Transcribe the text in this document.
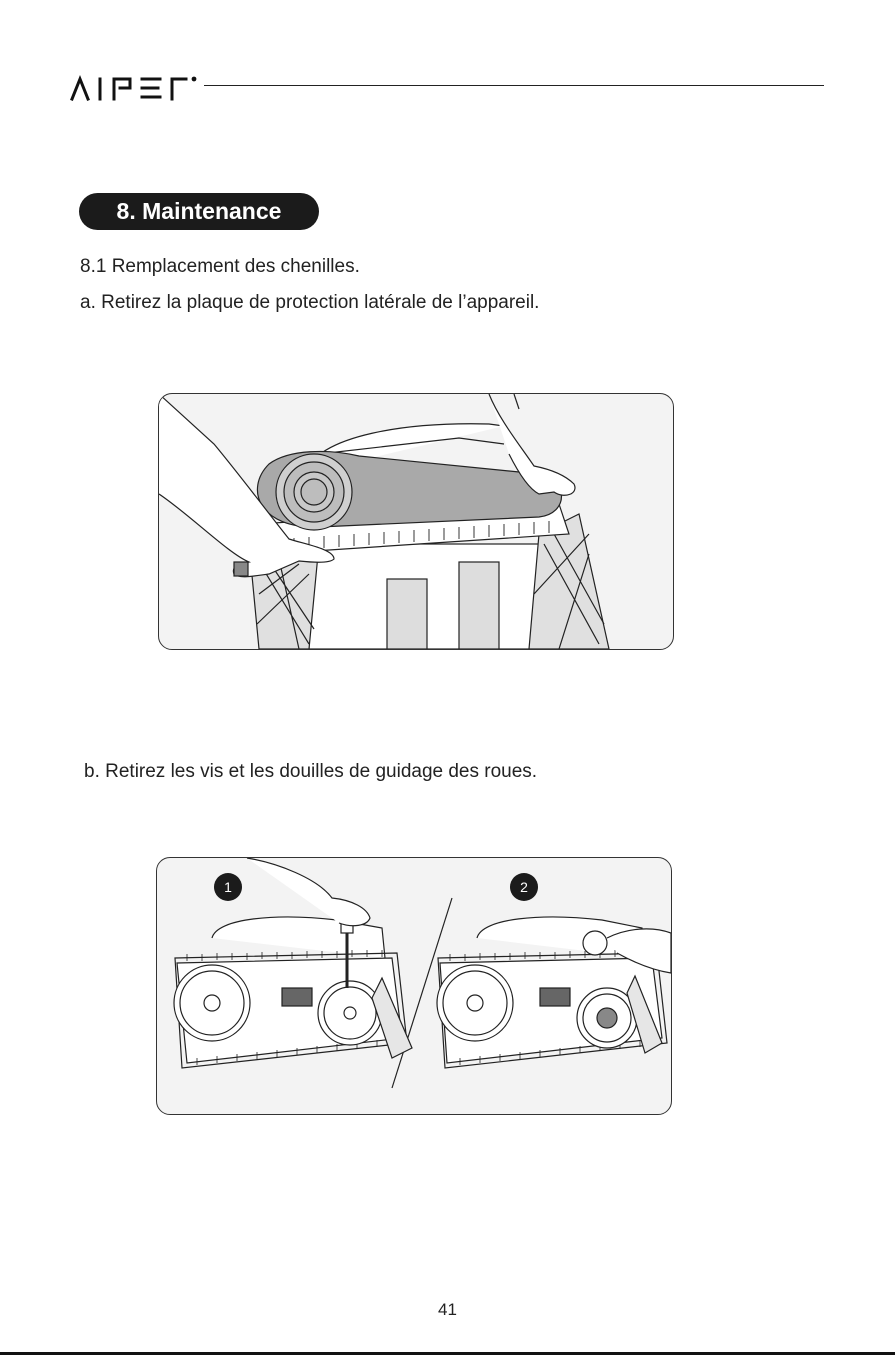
8. Maintenance
8.1 Remplacement des chenilles.
a. Retirez la plaque de protection latérale de l’appareil.
b. Retirez les vis et les douilles de guidage des roues.
1	2
41
